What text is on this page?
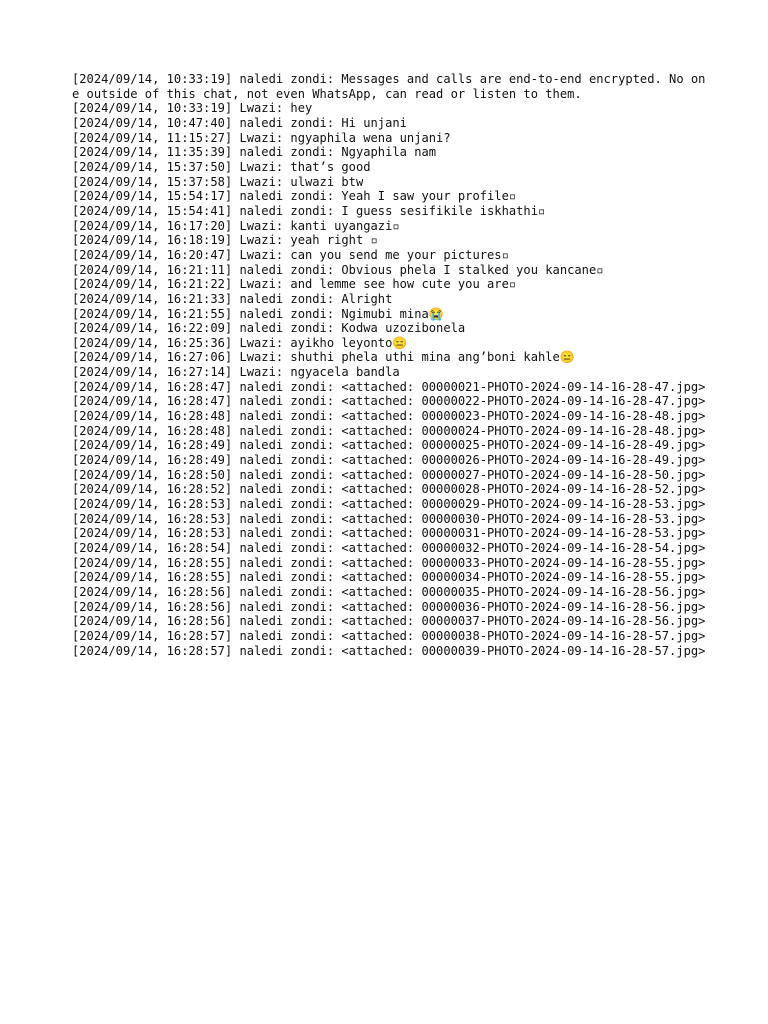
[2024/09/14, 10:33:19] naledi zondi: Messages and calls are end-to-end encrypted. No one outside of this chat, not even WhatsApp, can read or listen to them.
[2024/09/14, 10:33:19] Lwazi: hey
[2024/09/14, 10:47:40] naledi zondi: Hi unjani
[2024/09/14, 11:15:27] Lwazi: ngyaphila wena unjani?
[2024/09/14, 11:35:39] naledi zondi: Ngyaphila nam
[2024/09/14, 15:37:50] Lwazi: that’s good
[2024/09/14, 15:37:58] Lwazi: ulwazi btw
[2024/09/14, 15:54:17] naledi zondi: Yeah I saw your profile▫
[2024/09/14, 15:54:41] naledi zondi: I guess sesifikile iskhathi▫
[2024/09/14, 16:17:20] Lwazi: kanti uyangazi▫
[2024/09/14, 16:18:19] Lwazi: yeah right ▫
[2024/09/14, 16:20:47] Lwazi: can you send me your pictures▫
[2024/09/14, 16:21:11] naledi zondi: Obvious phela I stalked you kancane▫
[2024/09/14, 16:21:22] Lwazi: and lemme see how cute you are▫
[2024/09/14, 16:21:33] naledi zondi: Alright
[2024/09/14, 16:21:55] naledi zondi: Ngimubi mina😭
[2024/09/14, 16:22:09] naledi zondi: Kodwa uzozibonela
[2024/09/14, 16:25:36] Lwazi: ayikho leyonto😑
[2024/09/14, 16:27:06] Lwazi: shuthi phela uthi mina ang’boni kahle😑
[2024/09/14, 16:27:14] Lwazi: ngyacela bandla
[2024/09/14, 16:28:47] naledi zondi: <attached: 00000021-PHOTO-2024-09-14-16-28-47.jpg>
[2024/09/14, 16:28:47] naledi zondi: <attached: 00000022-PHOTO-2024-09-14-16-28-47.jpg>
[2024/09/14, 16:28:48] naledi zondi: <attached: 00000023-PHOTO-2024-09-14-16-28-48.jpg>
[2024/09/14, 16:28:48] naledi zondi: <attached: 00000024-PHOTO-2024-09-14-16-28-48.jpg>
[2024/09/14, 16:28:49] naledi zondi: <attached: 00000025-PHOTO-2024-09-14-16-28-49.jpg>
[2024/09/14, 16:28:49] naledi zondi: <attached: 00000026-PHOTO-2024-09-14-16-28-49.jpg>
[2024/09/14, 16:28:50] naledi zondi: <attached: 00000027-PHOTO-2024-09-14-16-28-50.jpg>
[2024/09/14, 16:28:52] naledi zondi: <attached: 00000028-PHOTO-2024-09-14-16-28-52.jpg>
[2024/09/14, 16:28:53] naledi zondi: <attached: 00000029-PHOTO-2024-09-14-16-28-53.jpg>
[2024/09/14, 16:28:53] naledi zondi: <attached: 00000030-PHOTO-2024-09-14-16-28-53.jpg>
[2024/09/14, 16:28:53] naledi zondi: <attached: 00000031-PHOTO-2024-09-14-16-28-53.jpg>
[2024/09/14, 16:28:54] naledi zondi: <attached: 00000032-PHOTO-2024-09-14-16-28-54.jpg>
[2024/09/14, 16:28:55] naledi zondi: <attached: 00000033-PHOTO-2024-09-14-16-28-55.jpg>
[2024/09/14, 16:28:55] naledi zondi: <attached: 00000034-PHOTO-2024-09-14-16-28-55.jpg>
[2024/09/14, 16:28:56] naledi zondi: <attached: 00000035-PHOTO-2024-09-14-16-28-56.jpg>
[2024/09/14, 16:28:56] naledi zondi: <attached: 00000036-PHOTO-2024-09-14-16-28-56.jpg>
[2024/09/14, 16:28:56] naledi zondi: <attached: 00000037-PHOTO-2024-09-14-16-28-56.jpg>
[2024/09/14, 16:28:57] naledi zondi: <attached: 00000038-PHOTO-2024-09-14-16-28-57.jpg>
[2024/09/14, 16:28:57] naledi zondi: <attached: 00000039-PHOTO-2024-09-14-16-28-57.jpg>
